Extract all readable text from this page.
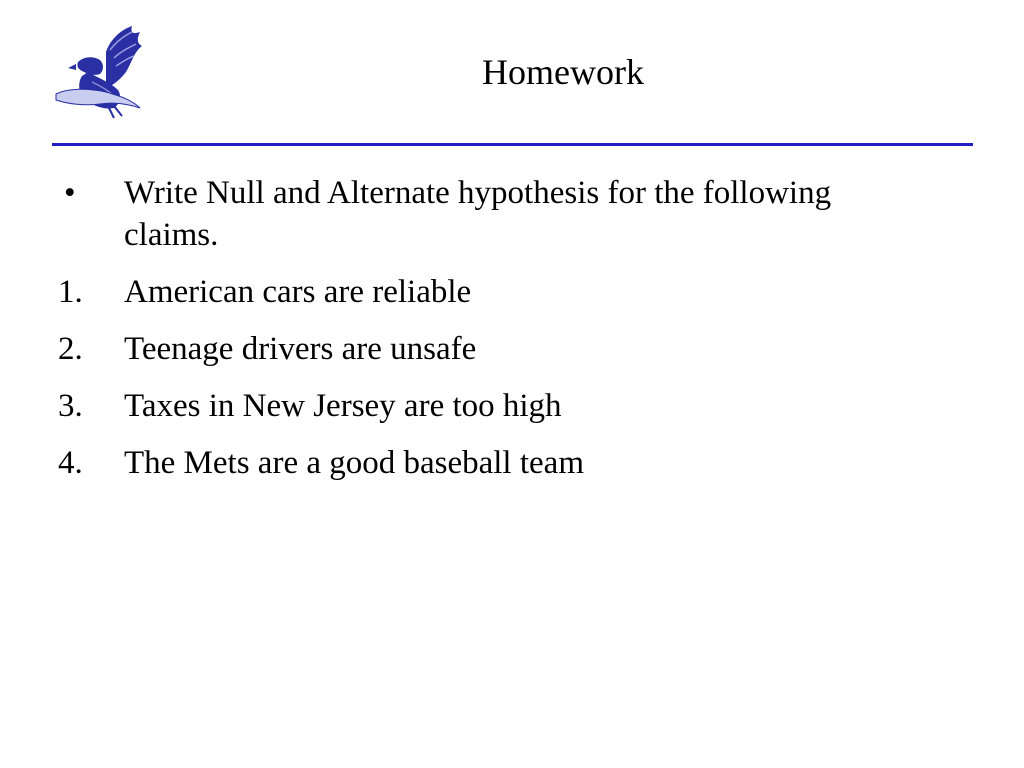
Homework
•	Write Null and Alternate hypothesis for the following claims.
1.	American cars are reliable
2.	Teenage drivers are unsafe
3.	Taxes in New Jersey are too high
4.	The Mets are a good baseball team
